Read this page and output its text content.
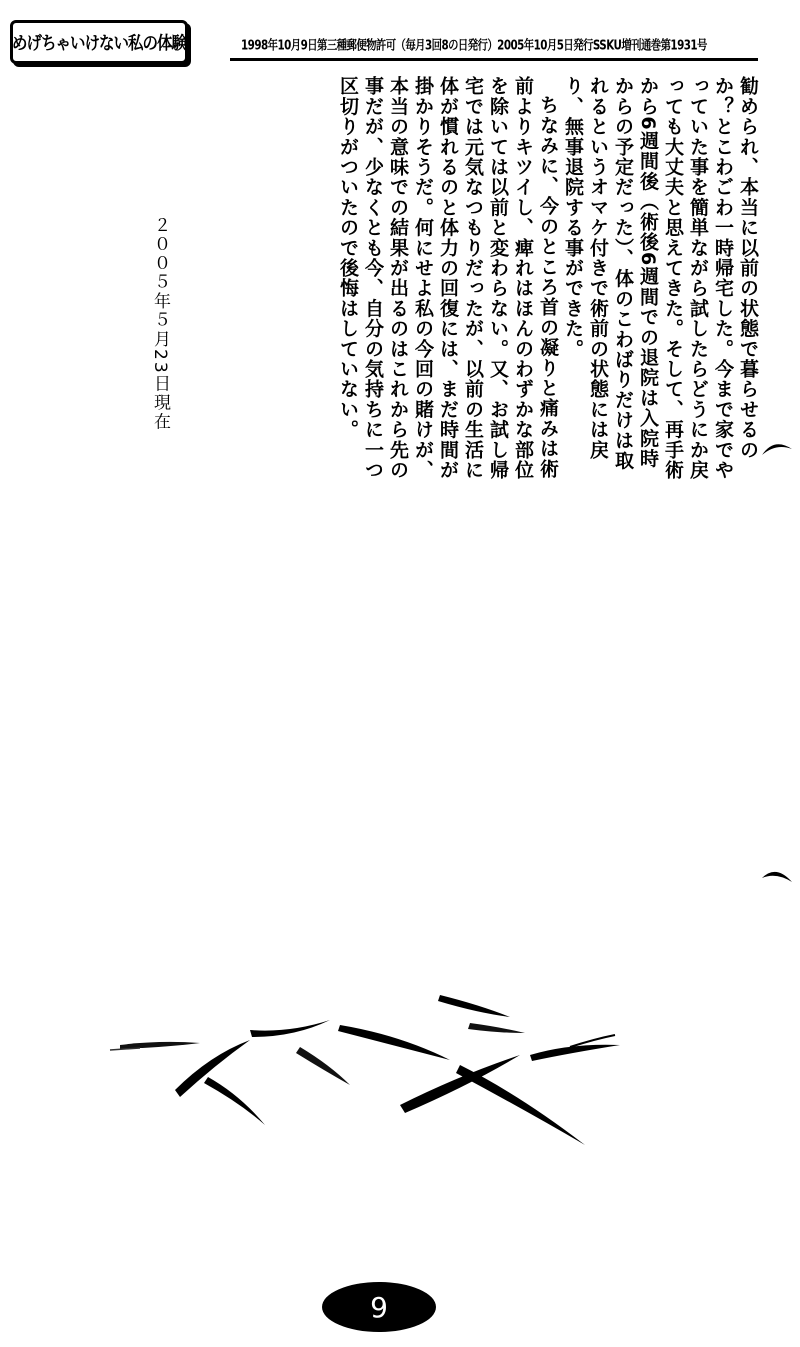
めげちゃいけない私の体験	1998年10月9日第三種郵便物許可（毎月3回8の日発行）2005年10月5日発行SSKU増刊通巻第1931号

勧められ、本当に以前の状態で暮らせるのか？とこわごわ一時帰宅した。今まで家でやっていた事を簡単ながら試したらどうにか戻っても大丈夫と思えてきた。そして、再手術から6週間後（術後6週間での退院は入院時からの予定だった）、体のこわばりだけは取れるというオマケ付きで術前の状態には戻り、無事退院する事ができた。

ちなみに、今のところ首の凝りと痛みは術前よりキツイし、痺れはほんのわずかな部位を除いては以前と変わらない。又、お試し帰宅では元気なつもりだったが、以前の生活に体が慣れるのと体力の回復には、まだ時間が掛かりそうだ。何にせよ私の今回の賭けが、本当の意味での結果が出るのはこれから先の事だが、少なくとも今、自分の気持ちに一つ区切りがついたので後悔はしていない。

２００５年５月23日現在
9
